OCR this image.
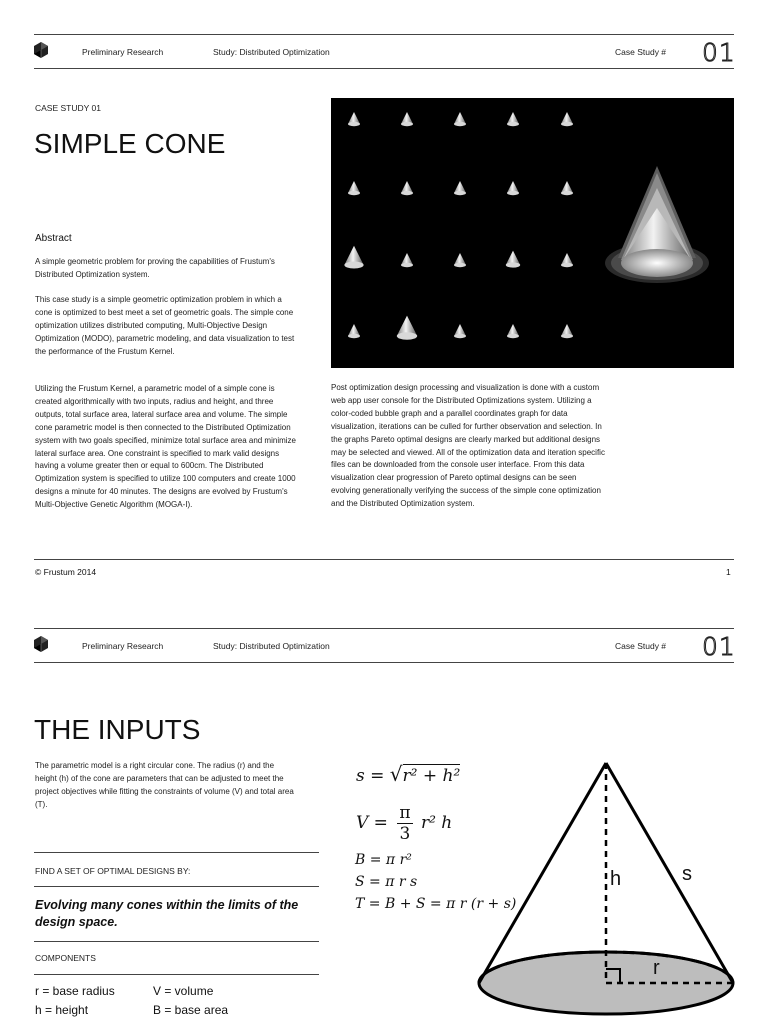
Preliminary Research	Study: Distributed Optimization	Case Study # 01
CASE STUDY 01
SIMPLE CONE
Abstract
A simple geometric problem for proving the capabilities of Frustum's Distributed Optimization system.
This case study is a simple geometric optimization problem in which a cone is optimized to best meet a set of geometric goals. The simple cone optimization utilizes distributed computing, Multi-Objective Design Optimization (MODO), parametric modeling, and data visualization to test the performance of the Frustum Kernel.
Utilizing the Frustum Kernel, a parametric model of a simple cone is created algorithmically with two inputs, radius and height, and three outputs, total surface area, lateral surface area and volume. The simple cone parametric model is then connected to the Distributed Optimization system with two goals specified, minimize total surface area and minimize lateral surface area. One constraint is specified to mark valid designs having a volume greater then or equal to 600cm. The Distributed Optimization system is specified to utilize 100 computers and create 1000 designs a minute for 40 minutes. The designs are evolved by Frustum's Multi-Objective Genetic Algorithm (MOGA-I).
Post optimization design processing and visualization is done with a custom web app user console for the Distributed Optimizations system. Utilizing a color-coded bubble graph and a parallel coordinates graph for data visualization, iterations can be culled for further observation and selection. In the graphs Pareto optimal designs are clearly marked but additional designs may be selected and viewed. All of the optimization data and iteration specific files can be downloaded from the console user interface. From this data visualization clear progression of Pareto optimal designs can be seen evolving generationally verifying the success of the simple cone optimization and the Distributed Optimization system.
© Frustum 2014	1
Preliminary Research	Study: Distributed Optimization	Case Study # 01
THE INPUTS
The parametric model is a right circular cone. The radius (r) and the height (h) of the cone are parameters that can be adjusted to meet the project objectives while fitting the constraints of volume (V) and total area (T).
FIND A SET OF OPTIMAL DESIGNS BY:
Evolving many cones within the limits of the design space.
COMPONENTS
r = base radius
h = height
V = volume
B = base area
s = √r² + h²
$V = \frac{\pi}{3} r^2$ h
B = π r²
S = π r s
T = B + S = π r (r + s)
h	s
r
